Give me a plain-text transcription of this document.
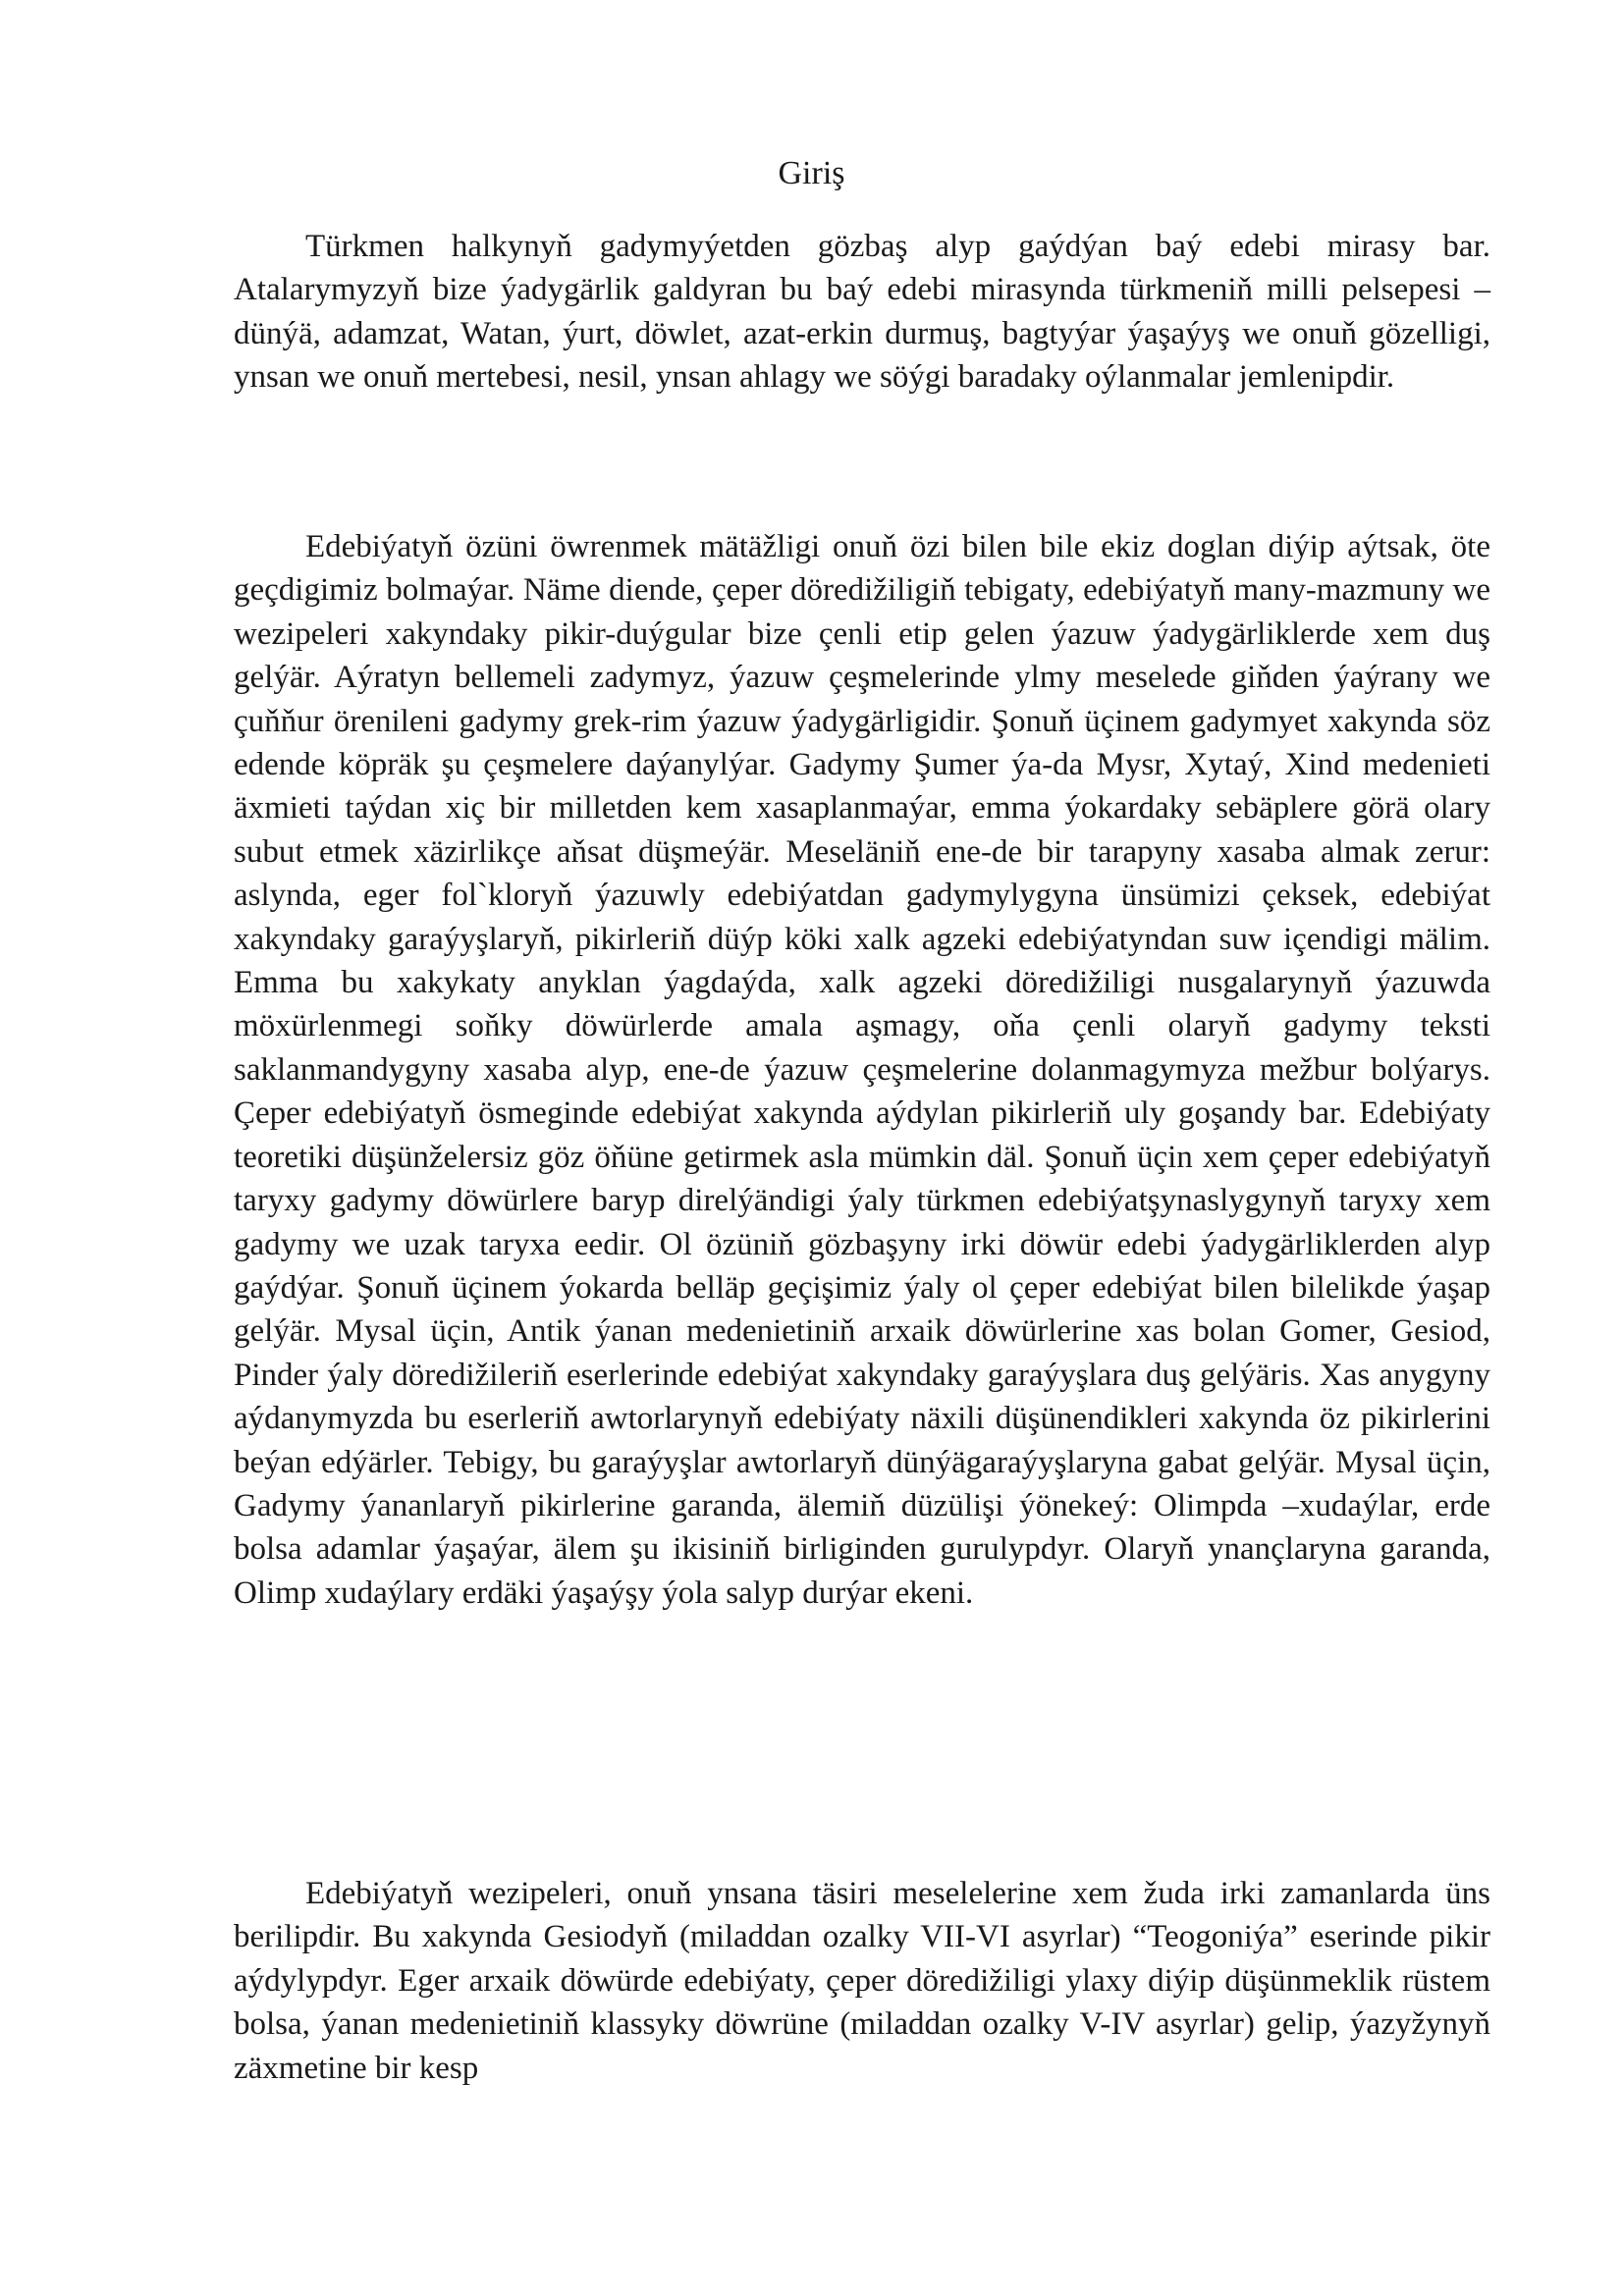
Giriş

Türkmen halkynyň gadymyýetden gözbaş alyp gaýdýan baý edebi mirasy bar. Atalarymyzyň bize ýadygärlik galdyran bu baý edebi mirasynda türkmeniň milli pelsepesi – dünýä, adamzat, Watan, ýurt, döwlet, azat-erkin durmuş, bagtyýar ýaşaýyş we onuň gözelligi, ynsan we onuň mertebesi, nesil, ynsan ahlagy we söýgi baradaky oýlanmalar jemlenipdir.

Edebiýatyň özüni öwrenmek mätäžligi onuň özi bilen bile ekiz doglan diýip aýtsak, öte geçdigimiz bolmaýar. Näme diende, çeper döredižiligiň tebigaty, edebiýatyň many-mazmuny we wezipeleri xakyndaky pikir-duýgular bize çenli etip gelen ýazuw ýadygärliklerde xem duş gelýär. Aýratyn bellemeli zadymyz, ýazuw çeşmelerinde ylmy meselede giňden ýaýrany we çuňňur örenileni gadymy grek-rim ýazuw ýadygärligidir. Şonuň üçinem gadymyet xakynda söz edende köpräk şu çeşmelere daýanylýar. Gadymy Şumer ýa-da Mysr, Xytaý, Xind medenieti äxmieti taýdan xiç bir milletden kem xasaplanmaýar, emma ýokardaky sebäplere görä olary subut etmek xäzirlikçe aňsat düşmeýär. Meseläniň ene-de bir tarapyny xasaba almak zerur: aslynda, eger fol`kloryň ýazuwly edebiýatdan gadymylygyna ünsümizi çeksek, edebiýat xakyndaky garaýyşlaryň, pikirleriň düýp köki xalk agzeki edebiýatyndan suw içendigi mälim. Emma bu xakykaty anyklan ýagdaýda, xalk agzeki döredižiligi nusgalarynyň ýazuwda möxürlenmegi soňky döwürlerde amala aşmagy, oňa çenli olaryň gadymy teksti saklanmandygyny xasaba alyp, ene-de ýazuw çeşmelerine dolanmagymyza mežbur bolýarys. Çeper edebiýatyň ösmeginde edebiýat xakynda aýdylan pikirleriň uly goşandy bar. Edebiýaty teoretiki düşünželersiz göz öňüne getirmek asla mümkin däl. Şonuň üçin xem çeper edebiýatyň taryxy gadymy döwürlere baryp direlýändigi ýaly türkmen edebiýatşynaslygynyň taryxy xem gadymy we uzak taryxa eedir. Ol özüniň gözbaşyny irki döwür edebi ýadygärliklerden alyp gaýdýar. Şonuň üçinem ýokarda belläp geçişimiz ýaly ol çeper edebiýat bilen bilelikde ýaşap gelýär. Mysal üçin, Antik ýanan medenietiniň arxaik döwürlerine xas bolan Gomer, Gesiod, Pinder ýaly döredižileriň eserlerinde edebiýat xakyndaky garaýyşlara duş gelýäris. Xas anygyny aýdanymyzda bu eserleriň awtorlarynyň edebiýaty näxili düşünendikleri xakynda öz pikirlerini beýan edýärler. Tebigy, bu garaýyşlar awtorlaryň dünýägaraýyşlaryna gabat gelýär. Mysal üçin, Gadymy ýananlaryň pikirlerine garanda, älemiň düzülişi ýönekeý: Olimpda –xudaýlar, erde bolsa adamlar ýaşaýar, älem şu ikisiniň birliginden gurulypdyr. Olaryň ynançlaryna garanda, Olimp xudaýlary erdäki ýaşaýşy ýola salyp durýar ekeni.

Edebiýatyň wezipeleri, onuň ynsana täsiri meselelerine xem žuda irki zamanlarda üns berilipdir. Bu xakynda Gesiodyň (miladdan ozalky VII-VI asyrlar) “Teogoniýa” eserinde pikir aýdylypdyr. Eger arxaik döwürde edebiýaty, çeper döredižiligi ylaxy diýip düşünmeklik rüstem bolsa, ýanan medenietiniň klassyky döwrüne (miladdan ozalky V-IV asyrlar) gelip, ýazyžynyň zäxmetine bir kesp
